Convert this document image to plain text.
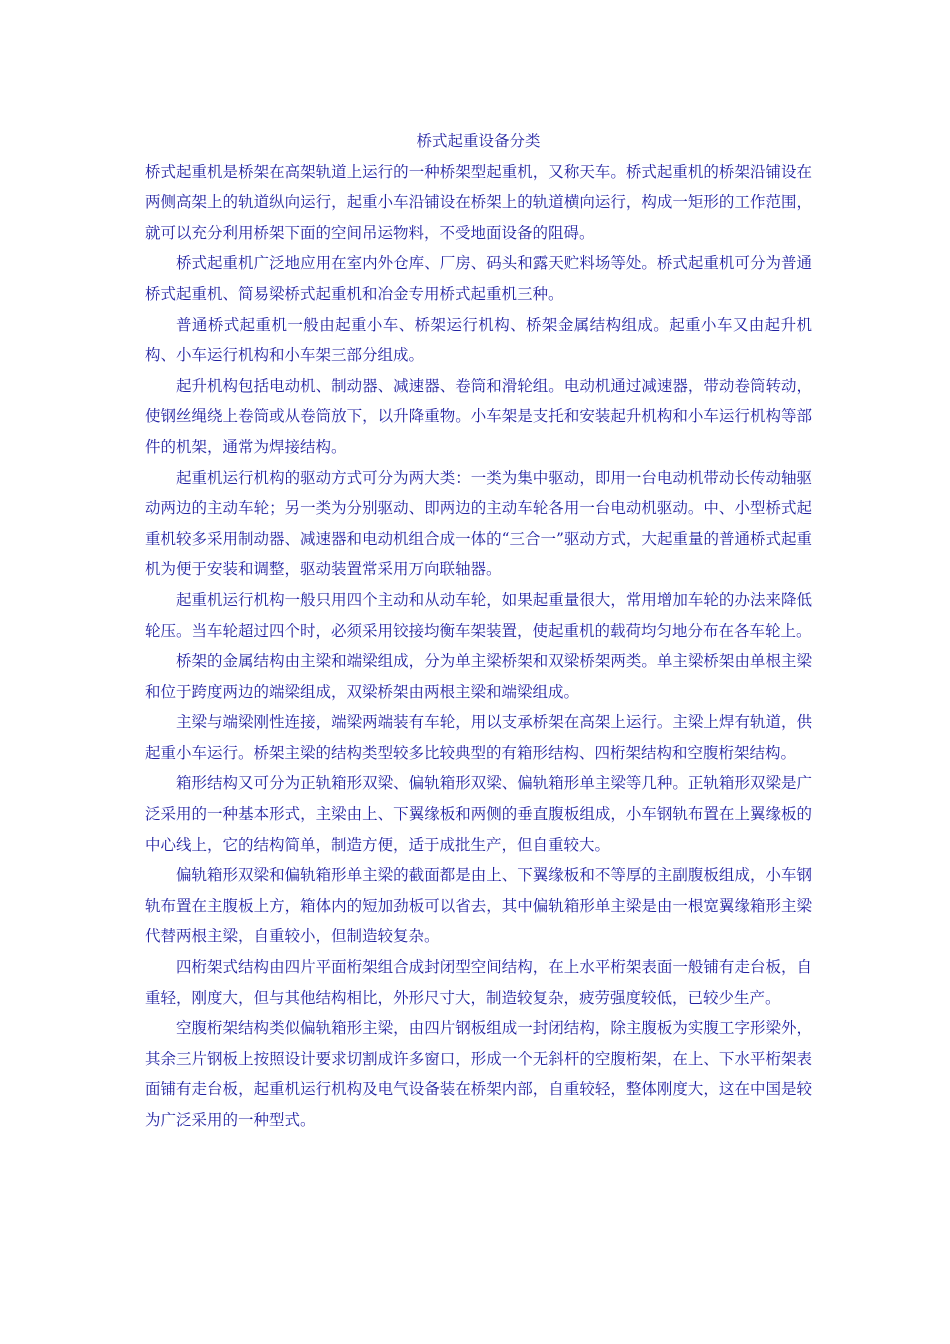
桥式起重设备分类

桥式起重机是桥架在高架轨道上运行的一种桥架型起重机，又称天车。桥式起重机的桥架沿铺设在两侧高架上的轨道纵向运行，起重小车沿铺设在桥架上的轨道横向运行，构成一矩形的工作范围，就可以充分利用桥架下面的空间吊运物料，不受地面设备的阻碍。

桥式起重机广泛地应用在室内外仓库、厂房、码头和露天贮料场等处。桥式起重机可分为普通桥式起重机、简易梁桥式起重机和冶金专用桥式起重机三种。

普通桥式起重机一般由起重小车、桥架运行机构、桥架金属结构组成。起重小车又由起升机构、小车运行机构和小车架三部分组成。

起升机构包括电动机、制动器、减速器、卷筒和滑轮组。电动机通过减速器，带动卷筒转动，使钢丝绳绕上卷筒或从卷筒放下，以升降重物。小车架是支托和安装起升机构和小车运行机构等部件的机架，通常为焊接结构。

起重机运行机构的驱动方式可分为两大类：一类为集中驱动，即用一台电动机带动长传动轴驱动两边的主动车轮；另一类为分别驱动、即两边的主动车轮各用一台电动机驱动。中、小型桥式起重机较多采用制动器、减速器和电动机组合成一体的“三合一”驱动方式，大起重量的普通桥式起重机为便于安装和调整，驱动装置常采用万向联轴器。

起重机运行机构一般只用四个主动和从动车轮，如果起重量很大，常用增加车轮的办法来降低轮压。当车轮超过四个时，必须采用铰接均衡车架装置，使起重机的载荷均匀地分布在各车轮上。

桥架的金属结构由主梁和端梁组成，分为单主梁桥架和双梁桥架两类。单主梁桥架由单根主梁和位于跨度两边的端梁组成，双梁桥架由两根主梁和端梁组成。

主梁与端梁刚性连接，端梁两端装有车轮，用以支承桥架在高架上运行。主梁上焊有轨道，供起重小车运行。桥架主梁的结构类型较多比较典型的有箱形结构、四桁架结构和空腹桁架结构。

箱形结构又可分为正轨箱形双梁、偏轨箱形双梁、偏轨箱形单主梁等几种。正轨箱形双梁是广泛采用的一种基本形式，主梁由上、下翼缘板和两侧的垂直腹板组成，小车钢轨布置在上翼缘板的中心线上，它的结构简单，制造方便，适于成批生产，但自重较大。

偏轨箱形双梁和偏轨箱形单主梁的截面都是由上、下翼缘板和不等厚的主副腹板组成，小车钢轨布置在主腹板上方，箱体内的短加劲板可以省去，其中偏轨箱形单主梁是由一根宽翼缘箱形主梁代替两根主梁，自重较小，但制造较复杂。

四桁架式结构由四片平面桁架组合成封闭型空间结构，在上水平桁架表面一般铺有走台板，自重轻，刚度大，但与其他结构相比，外形尺寸大，制造较复杂，疲劳强度较低，已较少生产。

空腹桁架结构类似偏轨箱形主梁，由四片钢板组成一封闭结构，除主腹板为实腹工字形梁外，其余三片钢板上按照设计要求切割成许多窗口，形成一个无斜杆的空腹桁架，在上、下水平桁架表面铺有走台板，起重机运行机构及电气设备装在桥架内部，自重较轻，整体刚度大，这在中国是较为广泛采用的一种型式。
